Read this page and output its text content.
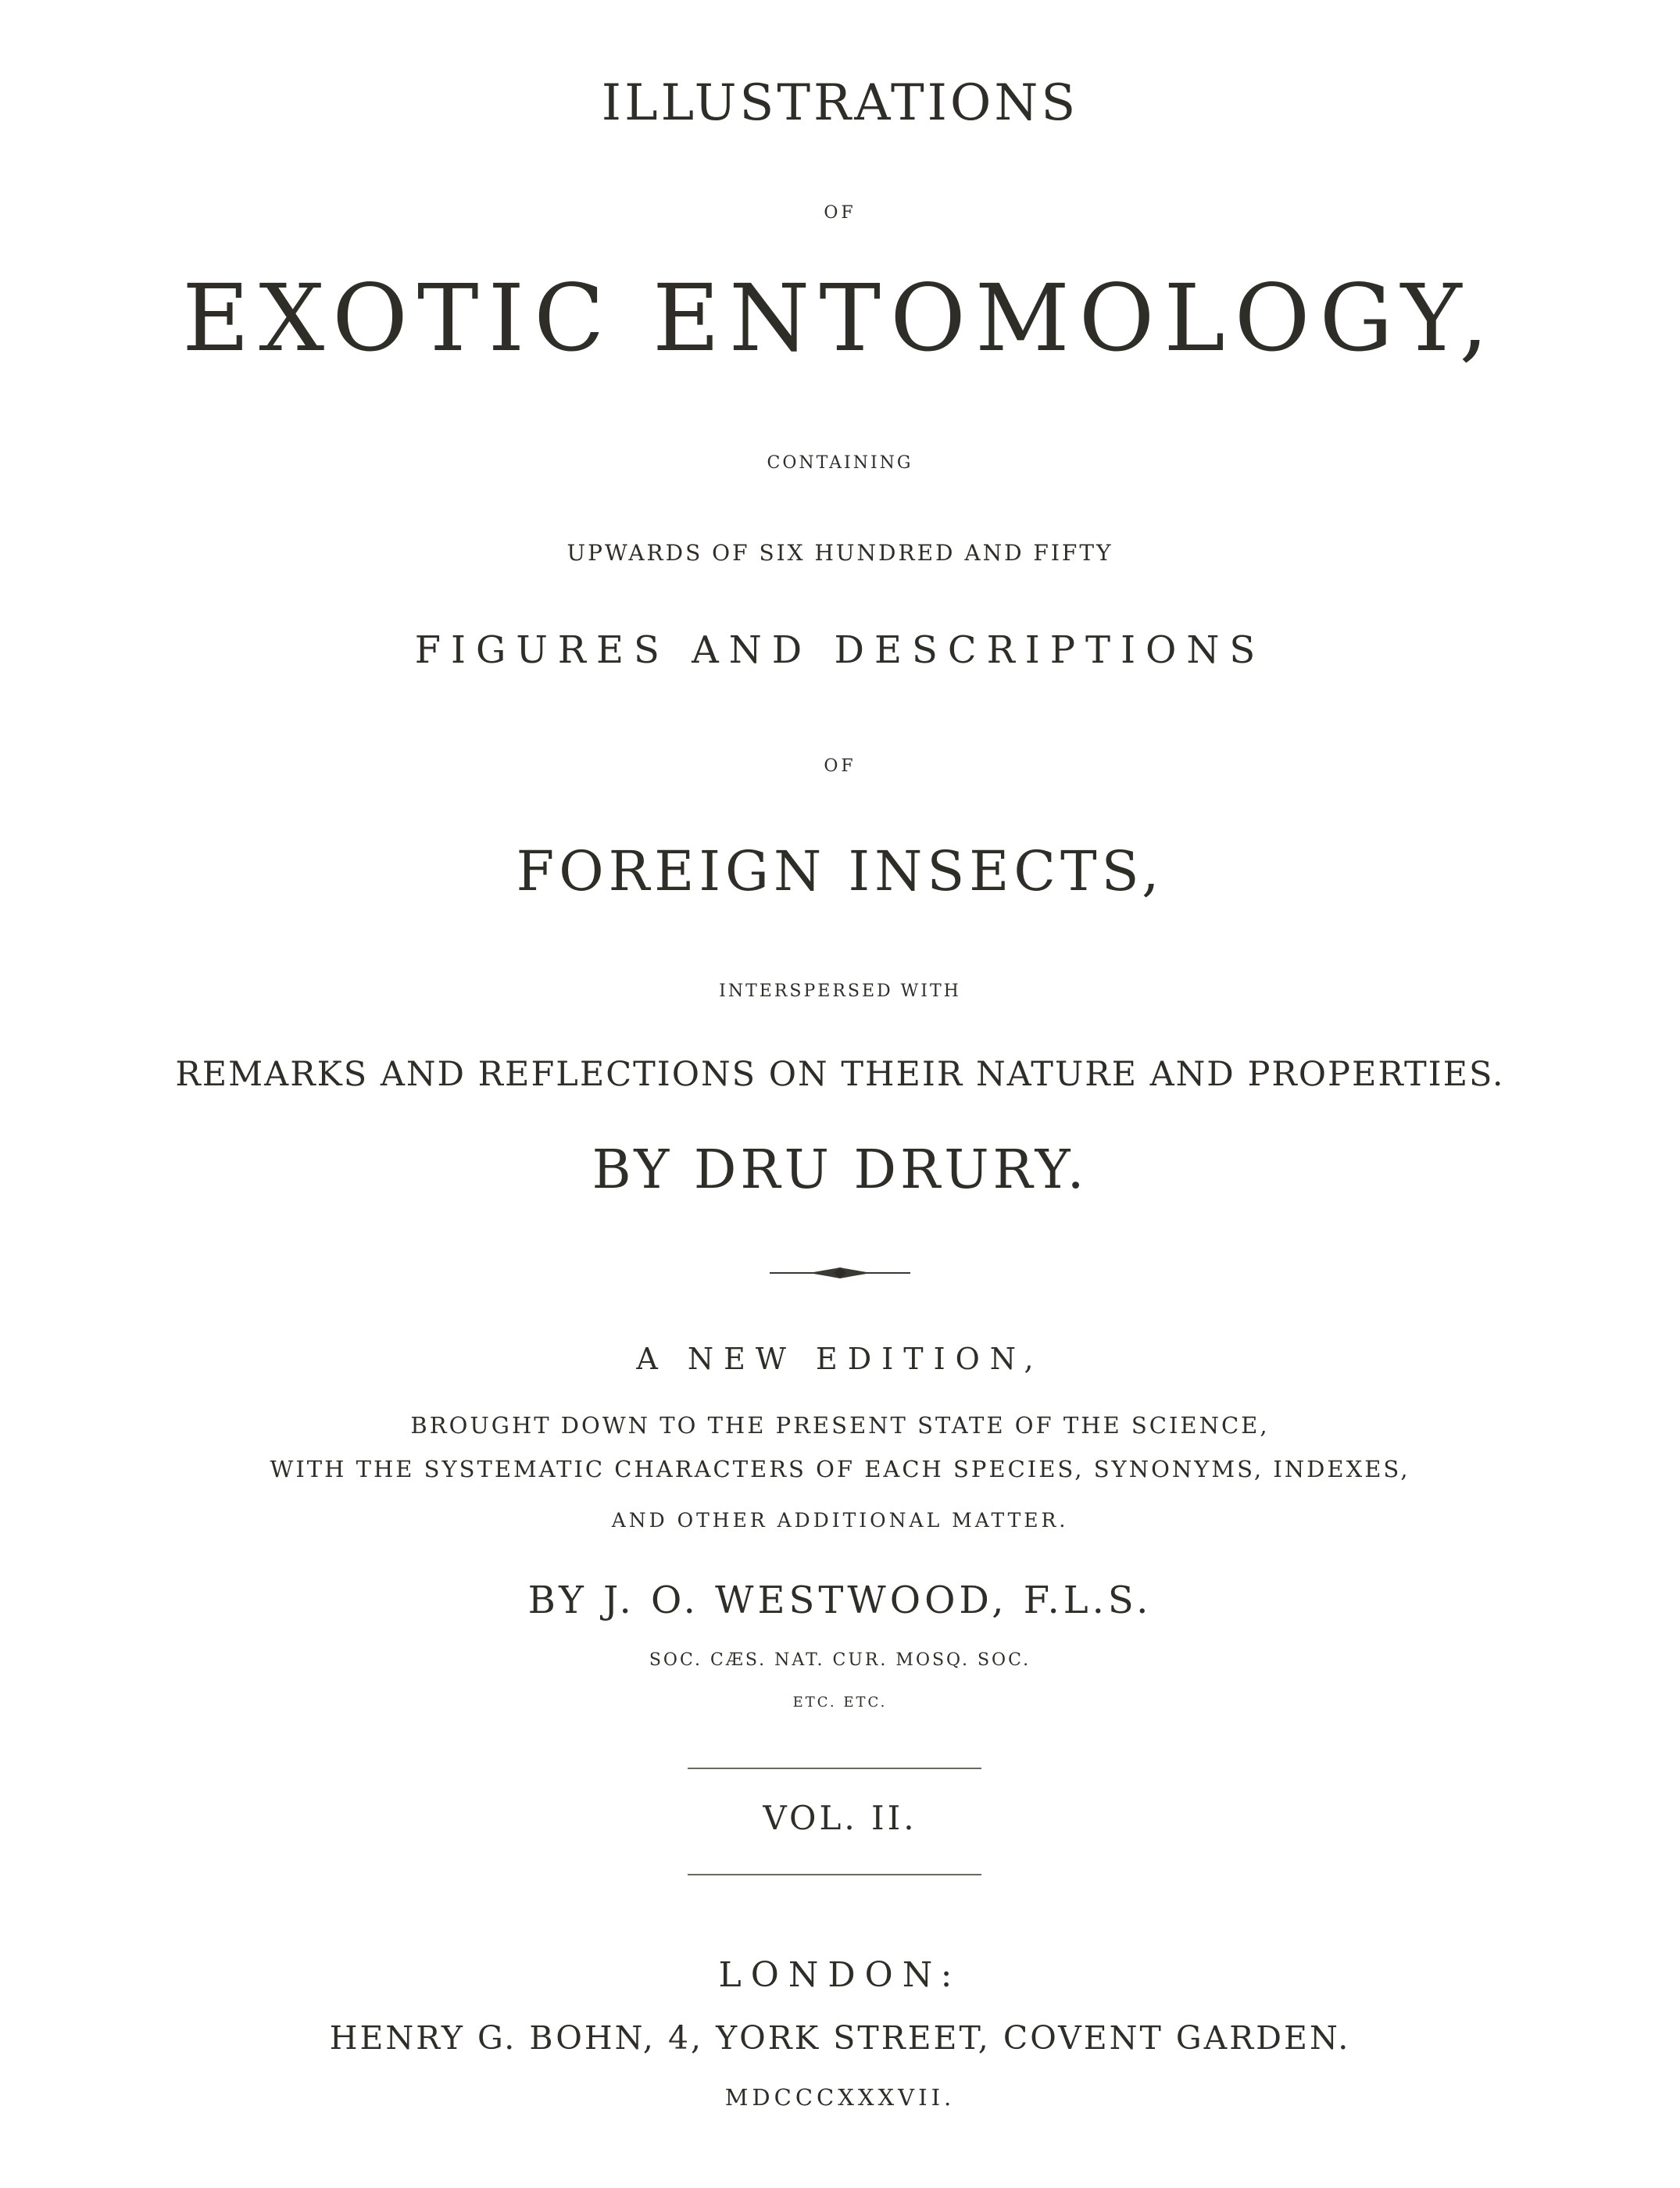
ILLUSTRATIONS
OF
EXOTIC ENTOMOLOGY,
CONTAINING
UPWARDS OF SIX HUNDRED AND FIFTY
FIGURES AND DESCRIPTIONS
OF
FOREIGN INSECTS,
INTERSPERSED WITH
REMARKS AND REFLECTIONS ON THEIR NATURE AND PROPERTIES.
BY DRU DRURY.
A NEW EDITION,
BROUGHT DOWN TO THE PRESENT STATE OF THE SCIENCE,
WITH THE SYSTEMATIC CHARACTERS OF EACH SPECIES, SYNONYMS, INDEXES,
AND OTHER ADDITIONAL MATTER.
BY J. O. WESTWOOD, F.L.S.
SOC. CÆS. NAT. CUR. MOSQ. SOC.
ETC. ETC.
VOL. II.
LONDON:
HENRY G. BOHN, 4, YORK STREET, COVENT GARDEN.
MDCCCXXXVII.
